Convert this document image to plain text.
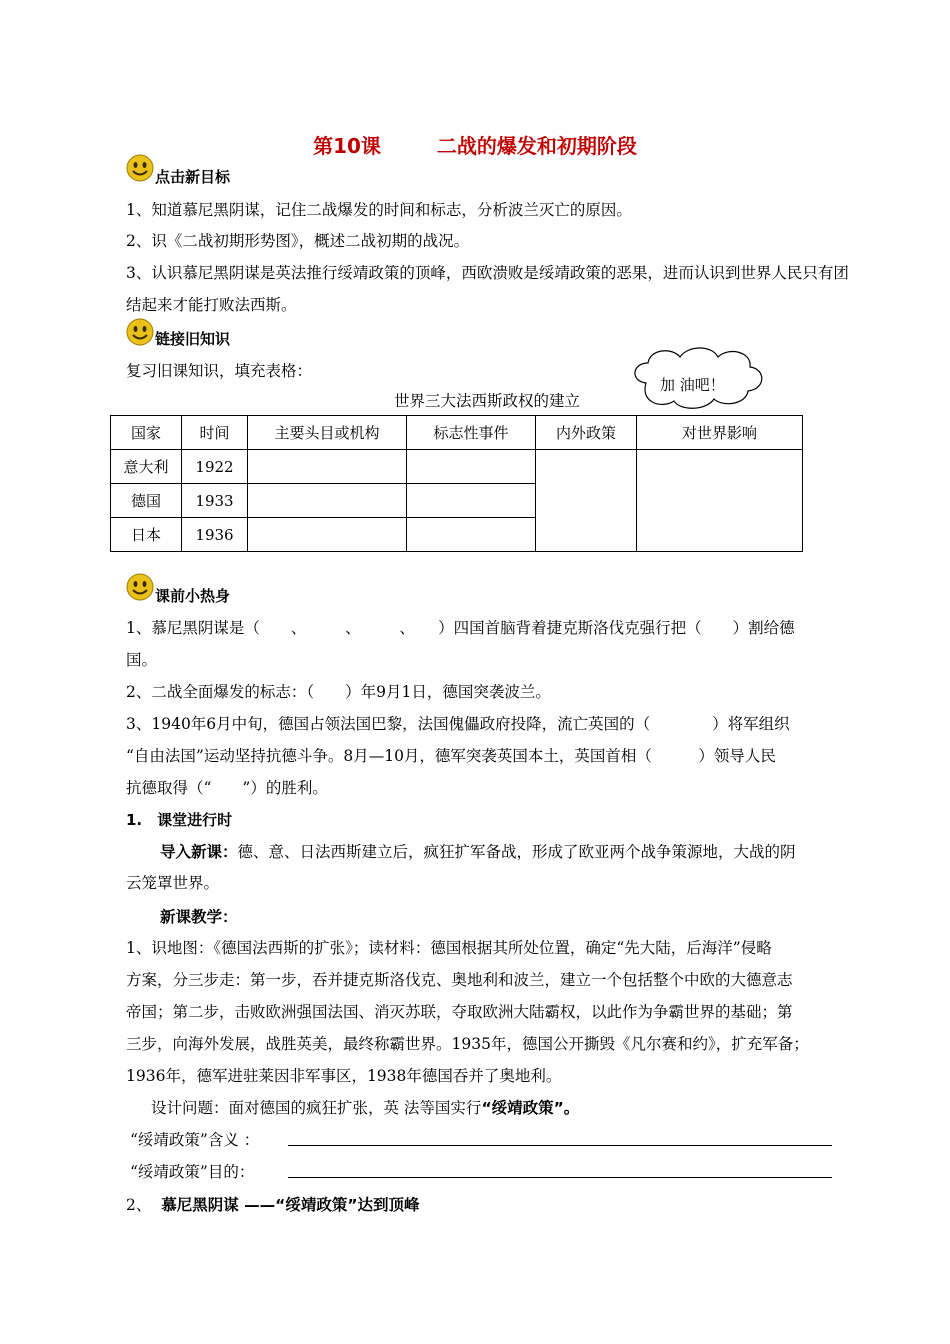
第10课	二战的爆发和初期阶段
点击新目标
1、知道慕尼黑阴谋，记住二战爆发的时间和标志，分析波兰灭亡的原因。
2、识《二战初期形势图》，概述二战初期的战况。
3、认识慕尼黑阴谋是英法推行绥靖政策的顶峰，西欧溃败是绥靖政策的恶果，进而认识到世界人民只有团结起来才能打败法西斯。
链接旧知识
复习旧课知识，填充表格：
加 油吧！
世界三大法西斯政权的建立
国家	时间	主要头目或机构	标志性事件	内外政策	对世界影响
意大利	1922				
德国	1933				
日本	1936				
课前小热身
1、慕尼黑阴谋是（　　、　　　、　　　、　　）四国首脑背着捷克斯洛伐克强行把（　　）割给德
国。
2、二战全面爆发的标志：（　　）年9月1日，德国突袭波兰。
3、1940年6月中旬，德国占领法国巴黎，法国傀儡政府投降，流亡英国的（　　　　）将军组织
“自由法国”运动坚持抗德斗争。8月—10月，德军突袭英国本土，英国首相（　　　）领导人民
抗德取得（“　　”）的胜利。
1.　课堂进行时
导入新课：德、意、日法西斯建立后，疯狂扩军备战，形成了欧亚两个战争策源地，大战的阴
云笼罩世界。
新课教学：
1、识地图：《德国法西斯的扩张》；读材料：德国根据其所处位置，确定“先大陆，后海洋”侵略
方案，分三步走：第一步，吞并捷克斯洛伐克、奥地利和波兰，建立一个包括整个中欧的大德意志
帝国；第二步，击败欧洲强国法国、消灭苏联，夺取欧洲大陆霸权，以此作为争霸世界的基础；第
三步，向海外发展，战胜英美，最终称霸世界。1935年，德国公开撕毁《凡尔赛和约》，扩充军备；
1936年，德军进驻莱因非军事区，1938年德国吞并了奥地利。
设计问题：面对德国的疯狂扩张，英 法等国实行“绥靖政策”。
“绥靖政策”含义 ：
“绥靖政策”目的：
2、 慕尼黑阴谋 ——“绥靖政策”达到顶峰
